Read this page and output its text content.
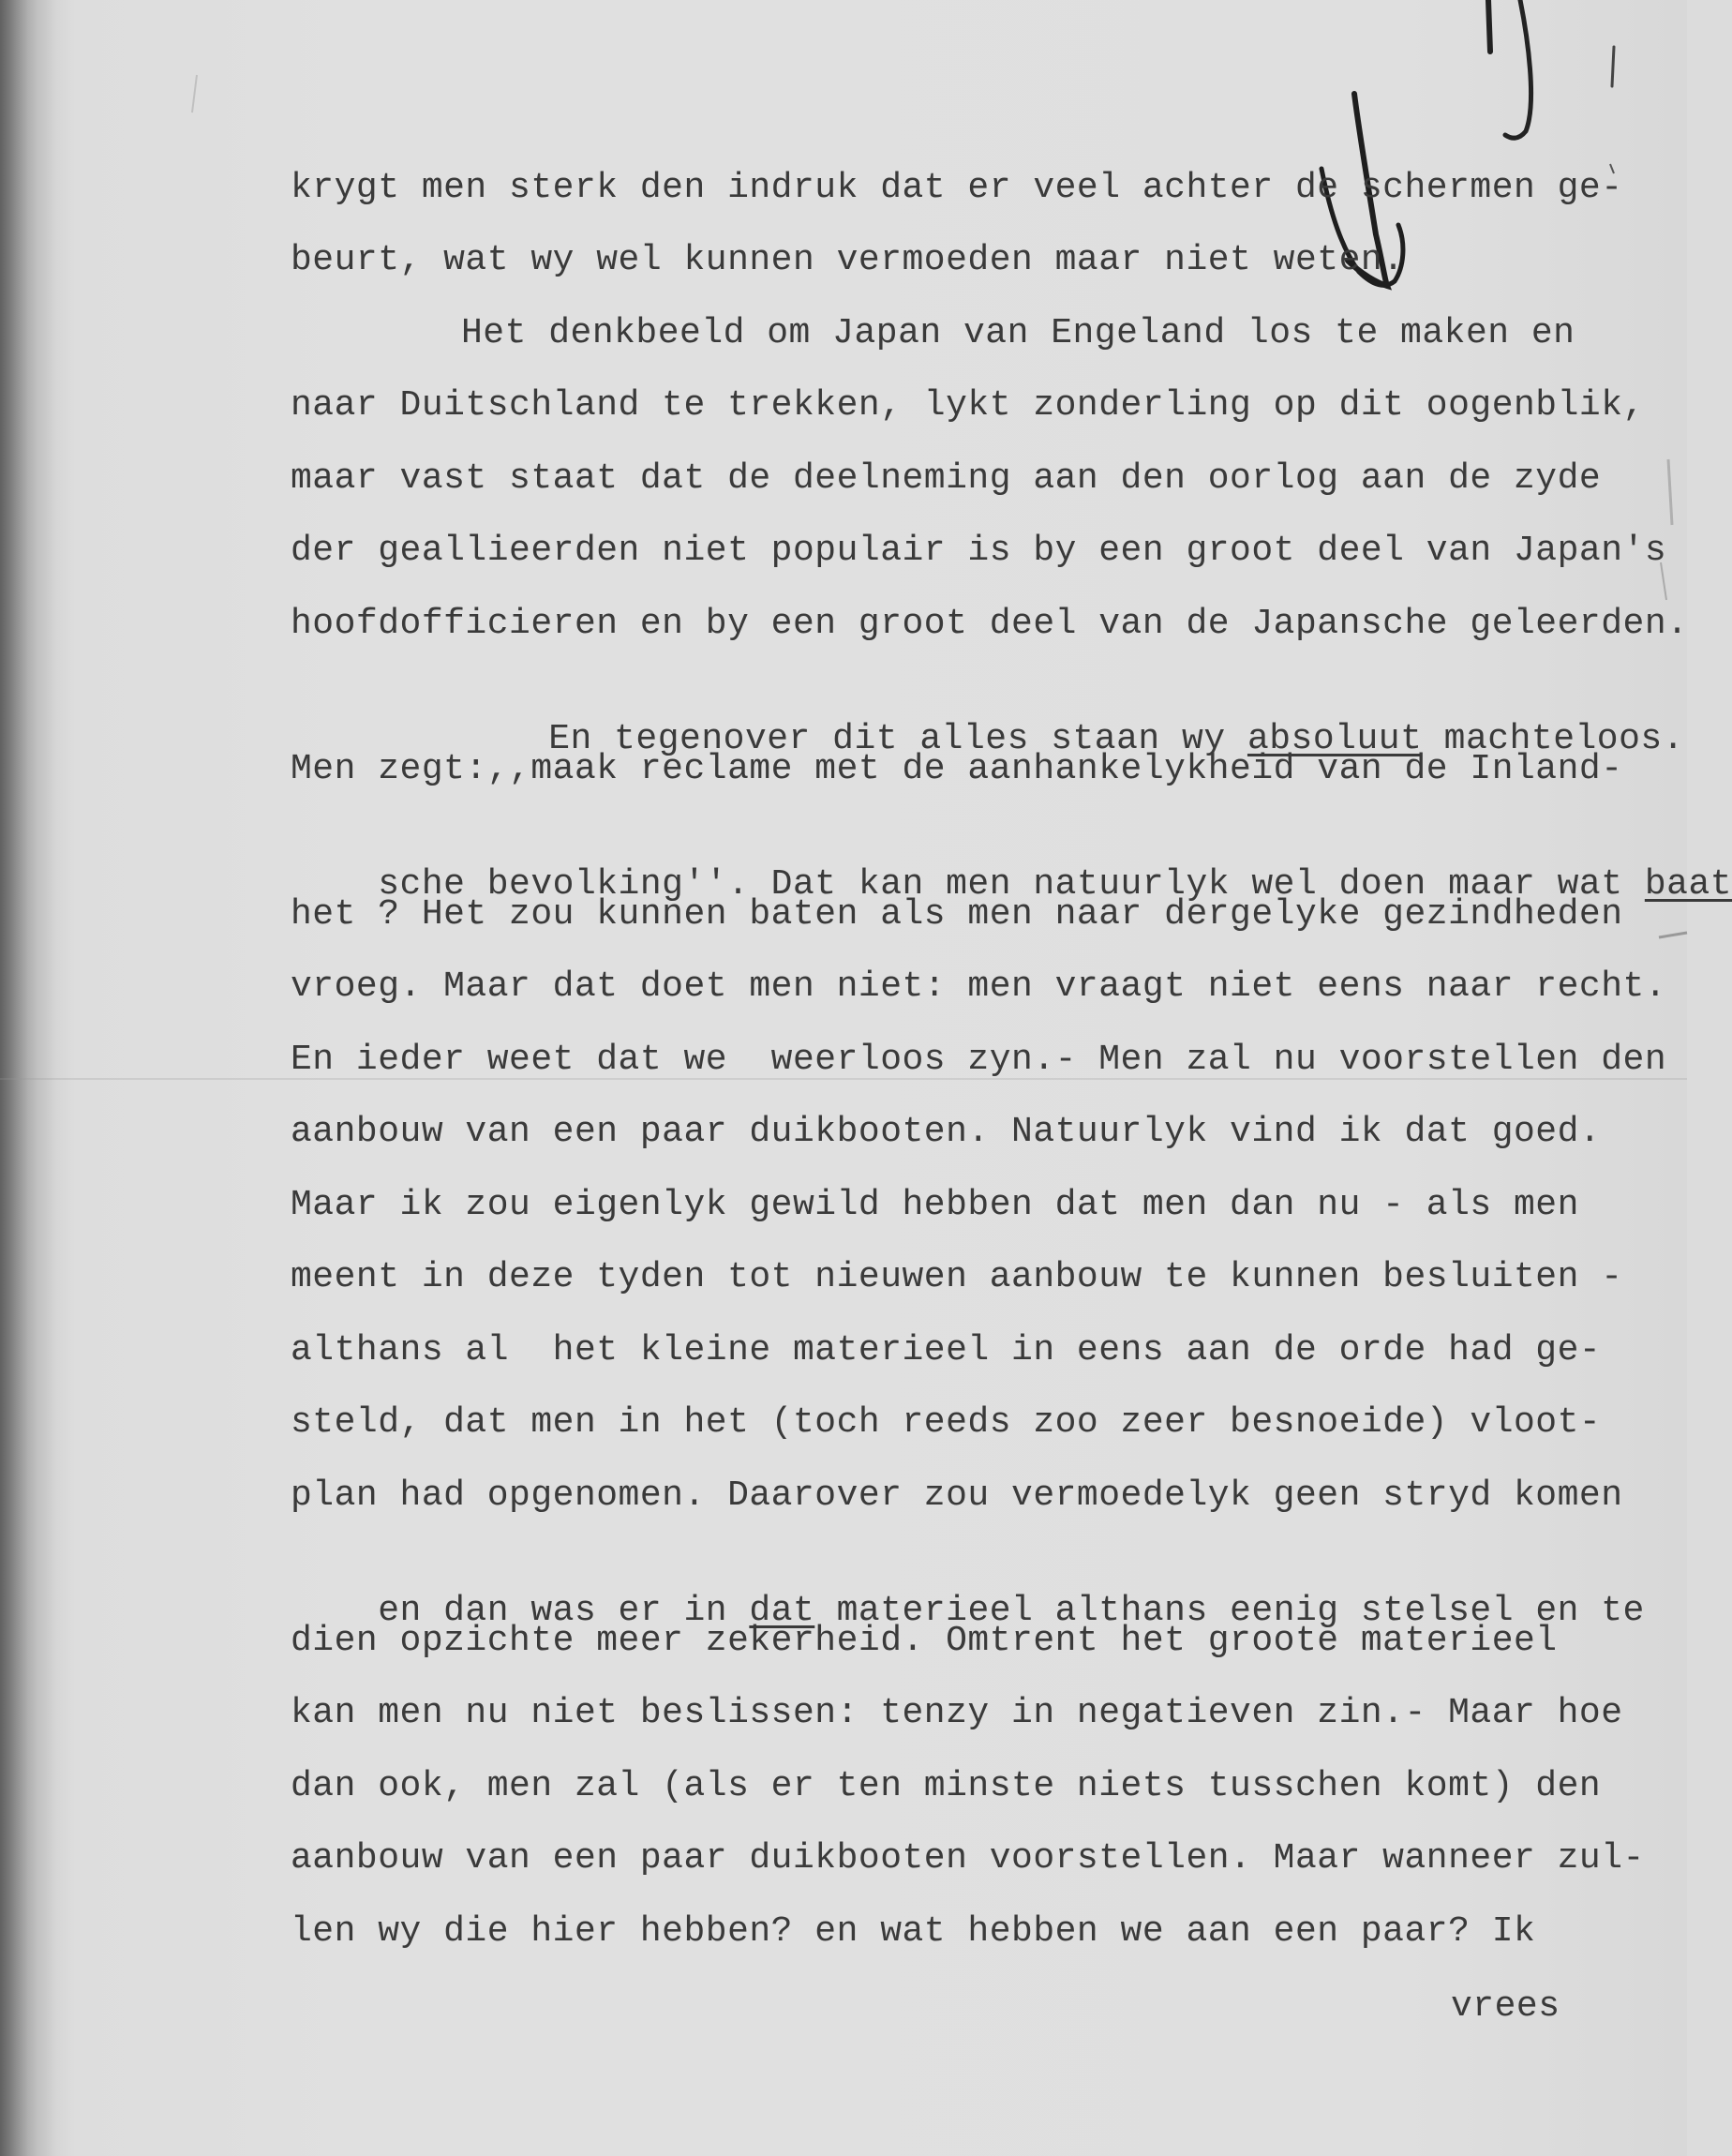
krygt men sterk den indruk dat er veel achter de schermen ge-
beurt, wat wy wel kunnen vermoeden maar niet weten.
Het denkbeeld om Japan van Engeland los te maken en
naar Duitschland te trekken, lykt zonderling op dit oogenblik,
maar vast staat dat de deelneming aan den oorlog aan de zyde
der geallieerden niet populair is by een groot deel van Japan's
hoofdofficieren en by een groot deel van de Japansche geleerden.

En tegenover dit alles staan wy absoluut machteloos.

Men zegt:,,maak reclame met de aanhankelykheid van de Inland-

sche bevolking''. Dat kan men natuurlyk wel doen maar wat baat

het ? Het zou kunnen baten als men naar dergelyke gezindheden
vroeg. Maar dat doet men niet: men vraagt niet eens naar recht.
En ieder weet dat we  weerloos zyn.- Men zal nu voorstellen den
aanbouw van een paar duikbooten. Natuurlyk vind ik dat goed.
Maar ik zou eigenlyk gewild hebben dat men dan nu - als men
meent in deze tyden tot nieuwen aanbouw te kunnen besluiten -
althans al  het kleine materieel in eens aan de orde had ge-
steld, dat men in het (toch reeds zoo zeer besnoeide) vloot-
plan had opgenomen. Daarover zou vermoedelyk geen stryd komen

en dan was er in dat materieel althans eenig stelsel en te

dien opzichte meer zekerheid. Omtrent het groote materieel
kan men nu niet beslissen: tenzy in negatieven zin.- Maar hoe
dan ook, men zal (als er ten minste niets tusschen komt) den
aanbouw van een paar duikbooten voorstellen. Maar wanneer zul-
len wy die hier hebben? en wat hebben we aan een paar? Ik
vrees
